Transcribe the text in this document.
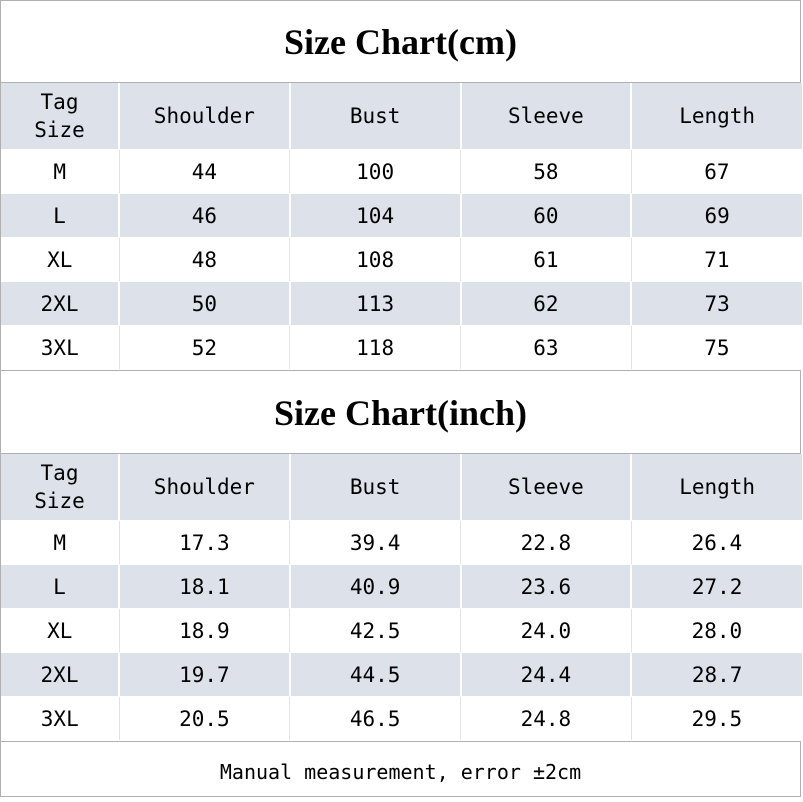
Size Chart(cm)
Tag
Size	Shoulder	Bust	Sleeve	Length
M	44	100	58	67
L	46	104	60	69
XL	48	108	61	71
2XL	50	113	62	73
3XL	52	118	63	75
Size Chart(inch)
Tag
Size	Shoulder	Bust	Sleeve	Length
M	17.3	39.4	22.8	26.4
L	18.1	40.9	23.6	27.2
XL	18.9	42.5	24.0	28.0
2XL	19.7	44.5	24.4	28.7
3XL	20.5	46.5	24.8	29.5
Manual measurement, error ±2cm
